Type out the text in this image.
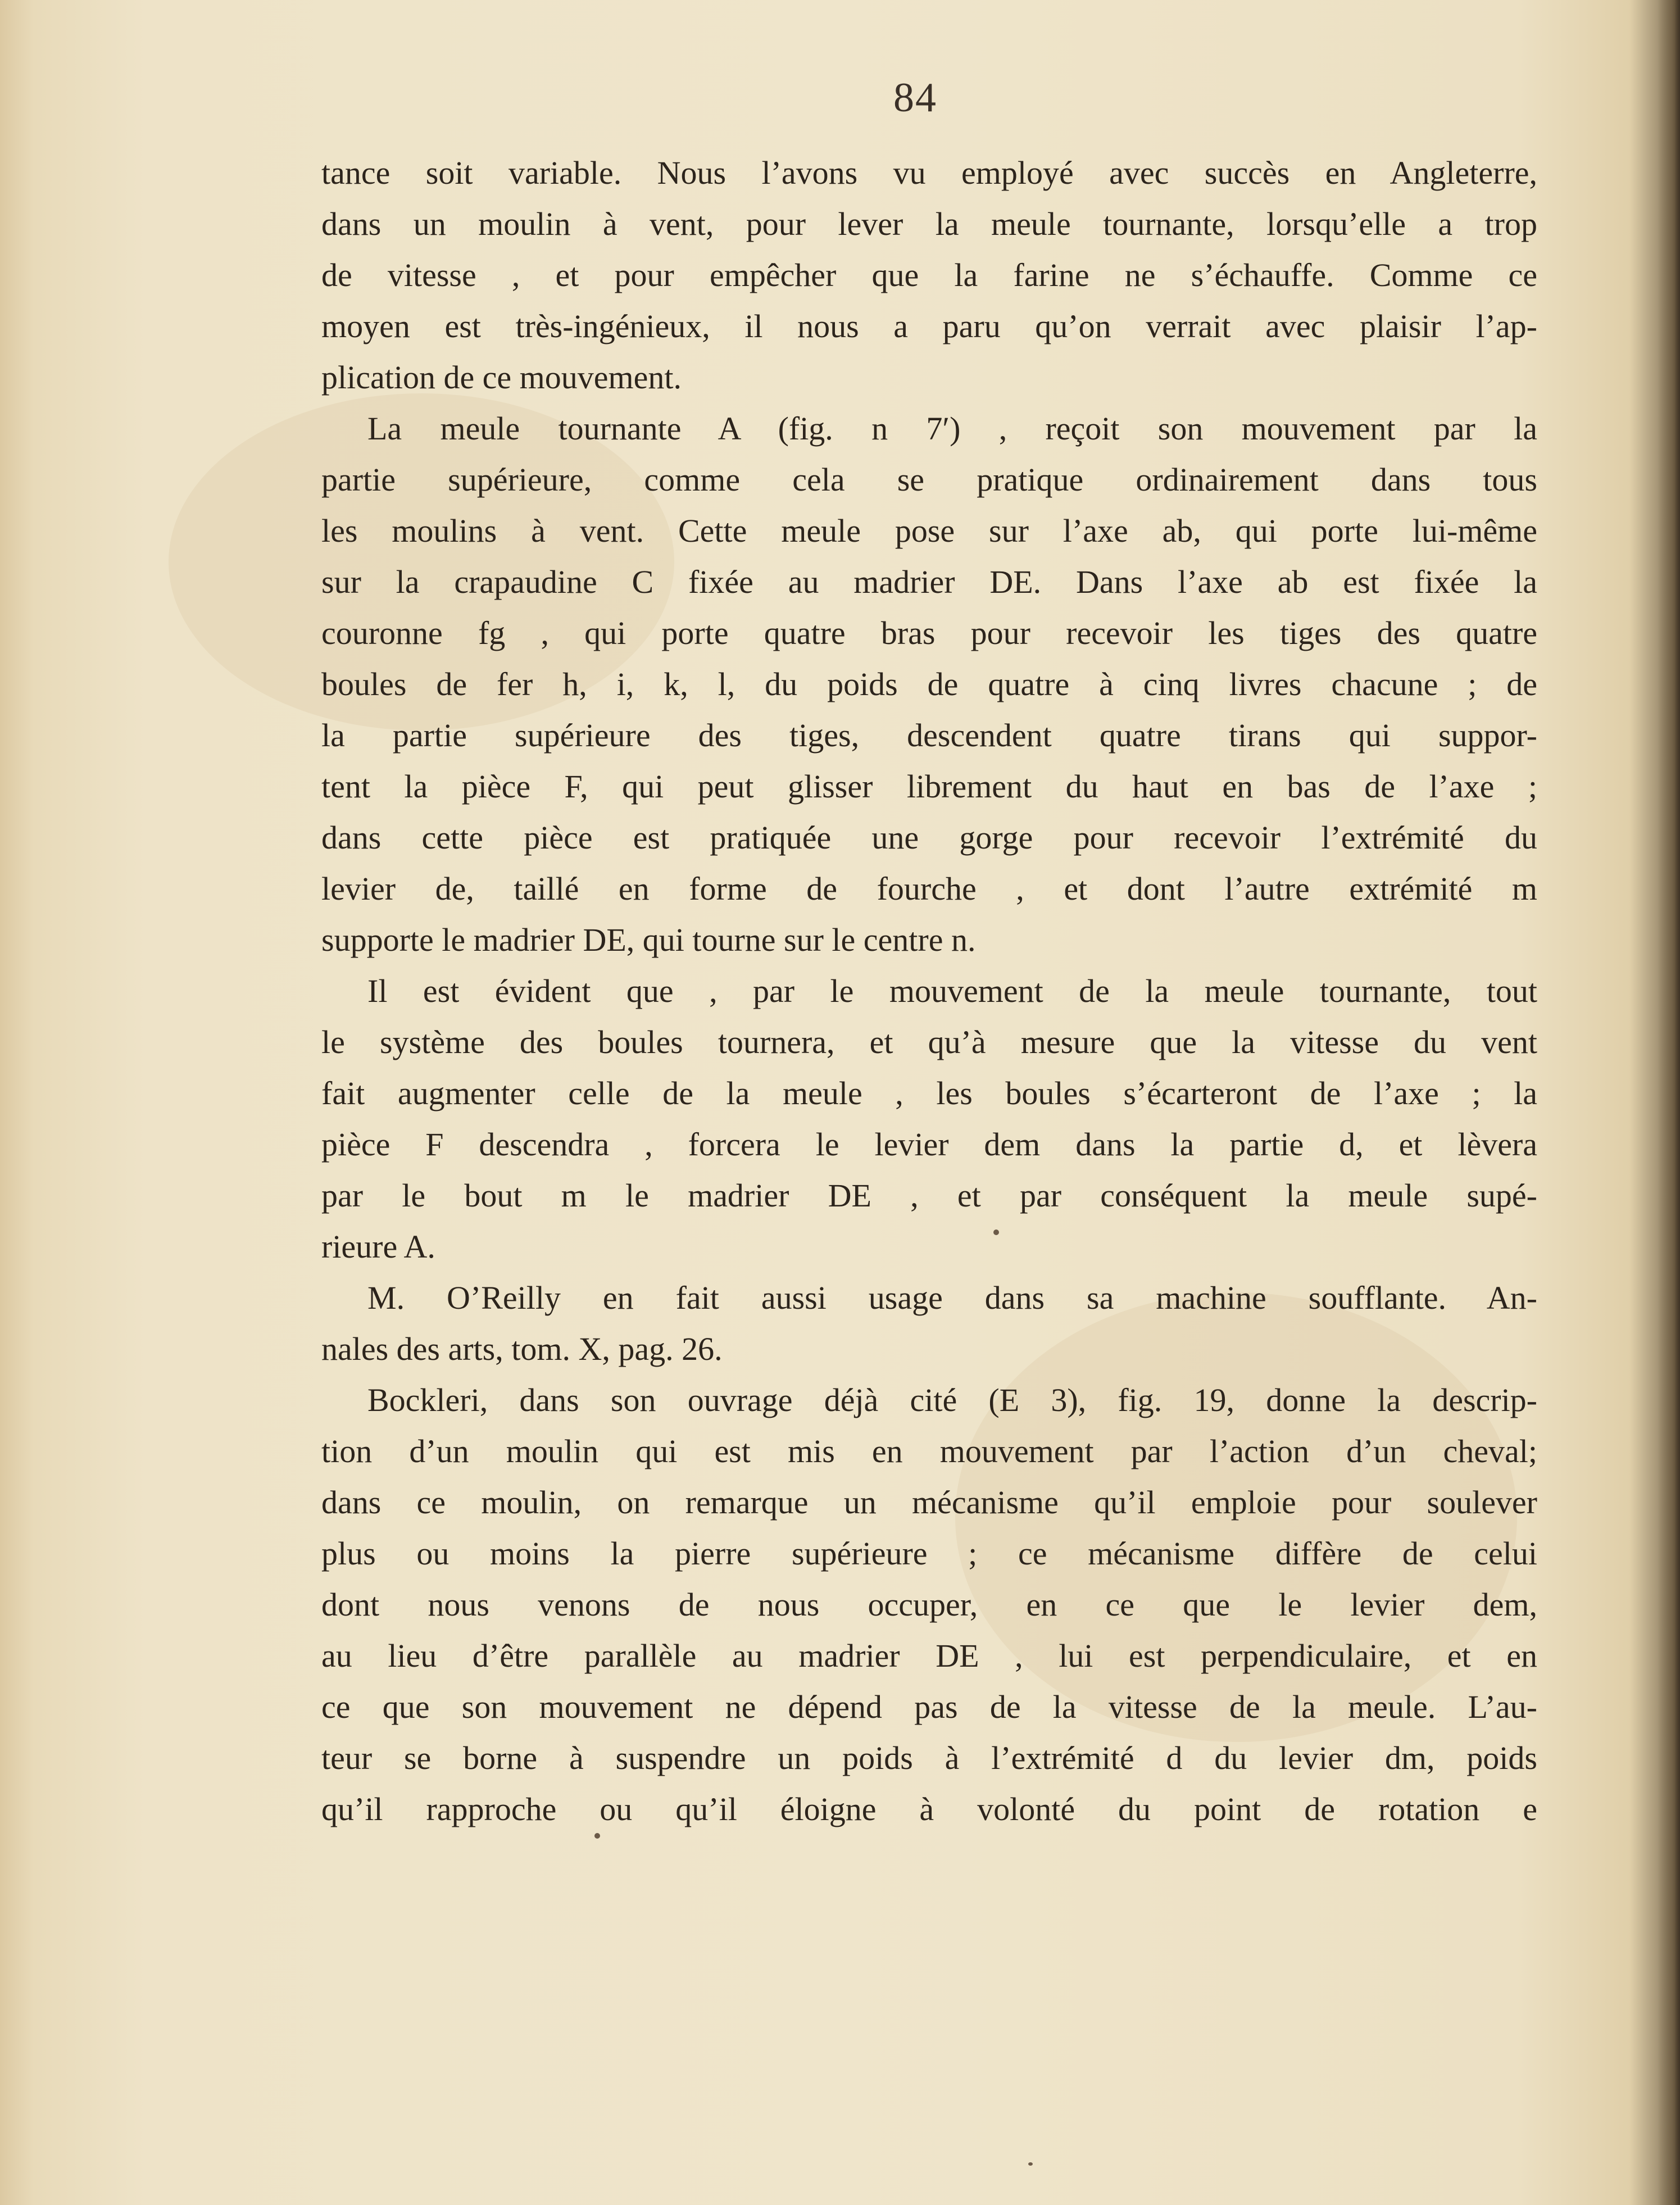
84
tance soit variable. Nous l’avons vu employé avec succès en Angleterre,
dans un moulin à vent, pour lever la meule tournante, lorsqu’elle a trop
de vitesse , et pour empêcher que la farine ne s’échauffe. Comme ce
moyen est très-ingénieux, il nous a paru qu’on verrait avec plaisir l’ap-
plication de ce mouvement.
La meule tournante A (fig. n 7′) , reçoit son mouvement par la
partie supérieure, comme cela se pratique ordinairement dans tous
les moulins à vent. Cette meule pose sur l’axe ab, qui porte lui-même
sur la crapaudine C fixée au madrier DE. Dans l’axe ab est fixée la
couronne fg , qui porte quatre bras pour recevoir les tiges des quatre
boules de fer h, i, k, l, du poids de quatre à cinq livres chacune ; de
la partie supérieure des tiges, descendent quatre tirans qui suppor-
tent la pièce F, qui peut glisser librement du haut en bas de l’axe ;
dans cette pièce est pratiquée une gorge pour recevoir l’extrémité du
levier de, taillé en forme de fourche , et dont l’autre extrémité m
supporte le madrier DE, qui tourne sur le centre n.
Il est évident que , par le mouvement de la meule tournante, tout
le système des boules tournera, et qu’à mesure que la vitesse du vent
fait augmenter celle de la meule , les boules s’écarteront de l’axe ; la
pièce F descendra , forcera le levier dem dans la partie d, et lèvera
par le bout m le madrier DE , et par conséquent la meule supé-
rieure A.
M. O’Reilly en fait aussi usage dans sa machine soufflante. An-
nales des arts, tom. X, pag. 26.
Bockleri, dans son ouvrage déjà cité (E 3), fig. 19, donne la descrip-
tion d’un moulin qui est mis en mouvement par l’action d’un cheval;
dans ce moulin, on remarque un mécanisme qu’il emploie pour soulever
plus ou moins la pierre supérieure ; ce mécanisme diffère de celui
dont nous venons de nous occuper, en ce que le levier dem,
au lieu d’être parallèle au madrier DE , lui est perpendiculaire, et en
ce que son mouvement ne dépend pas de la vitesse de la meule. L’au-
teur se borne à suspendre un poids à l’extrémité d du levier dm, poids
qu’il rapproche ou qu’il éloigne à volonté du point de rotation e
